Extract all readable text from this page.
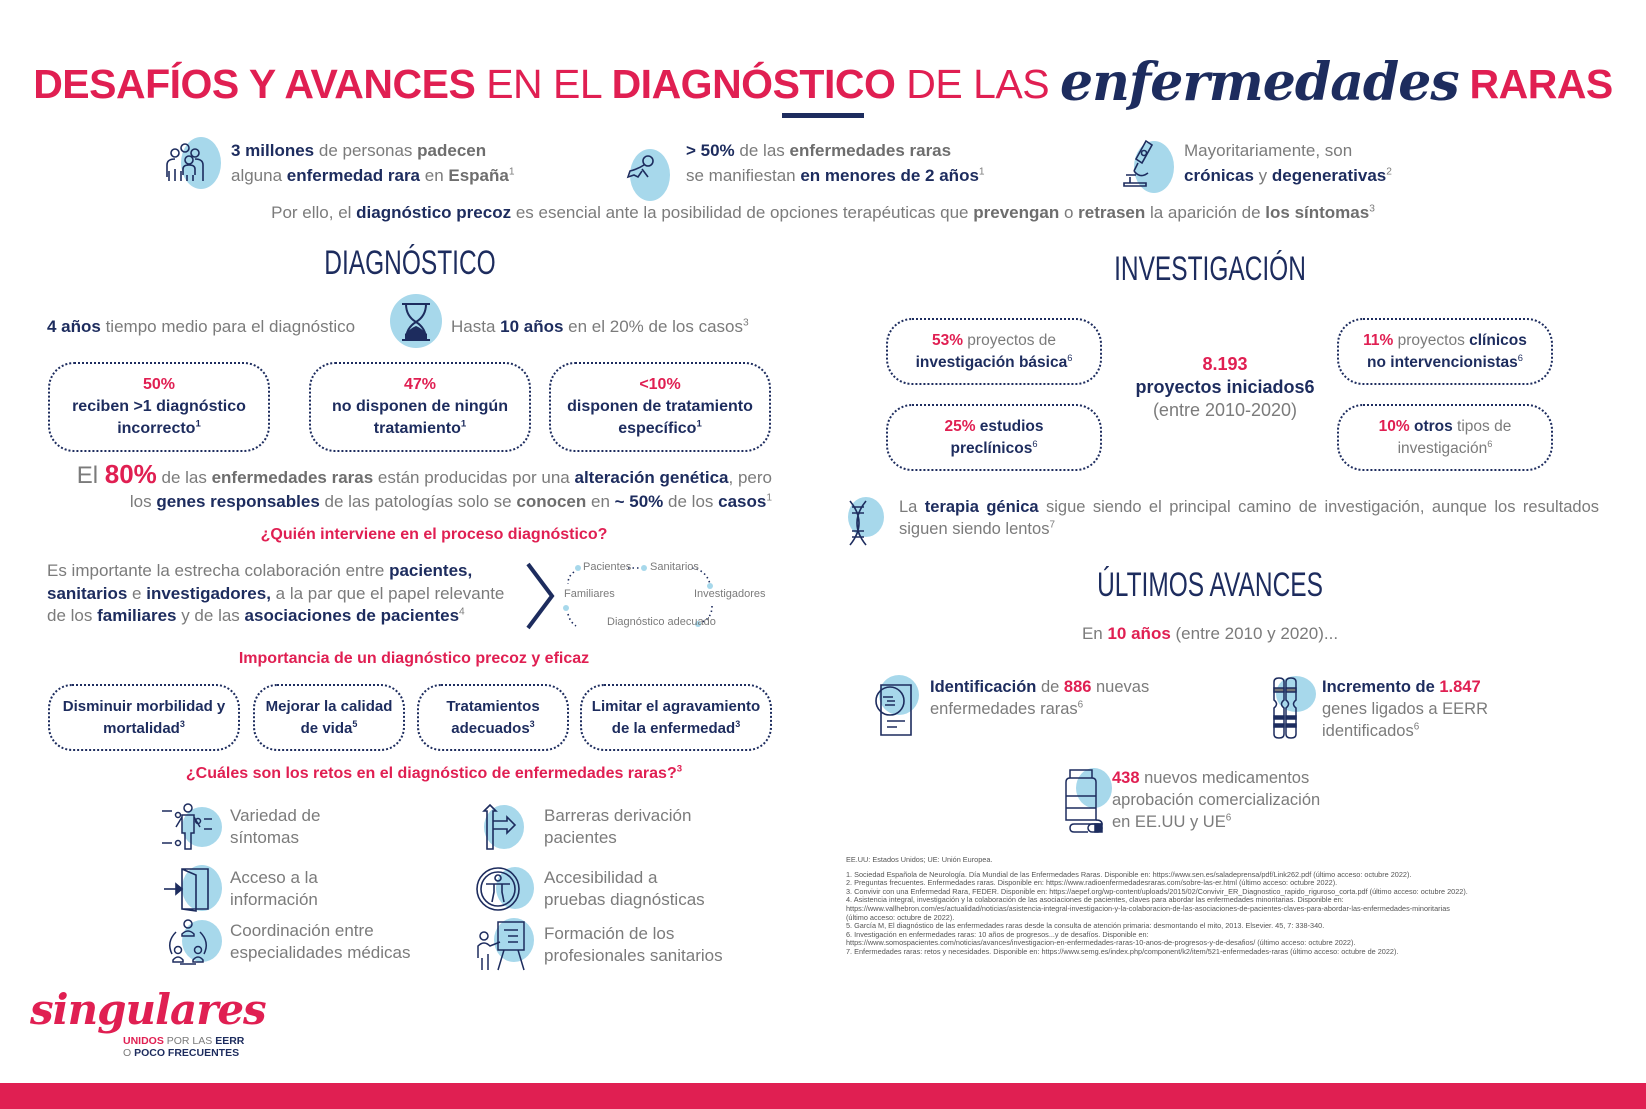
DESAFÍOS Y AVANCES EN EL DIAGNÓSTICO DE LAS enfermedades RARAS
3 millones de personas padecen
alguna enfermedad rara en España$^1$
> 50% de las enfermedades raras
se manifiestan en menores de 2 años$^1$
Mayoritariamente, son
crónicas y degenerativas$^2$
Por ello, el diagnóstico precoz es esencial ante la posibilidad de opciones terapéuticas que prevengan o retrasen la aparición de los síntomas$^3$
DIAGNÓSTICO
4 años tiempo medio para el diagnóstico	Hasta 10 años en el 20% de los casos$^3$
50%
reciben >1 diagnóstico incorrecto$^1$
47%
no disponen de ningún tratamiento$^1$
<10%
disponen de tratamiento específico$^1$
El 80% de las enfermedades raras están producidas por una alteración genética, pero
los genes responsables de las patologías solo se conocen en ~ 50% de los casos$^1$
¿Quién interviene en el proceso diagnóstico?
Es importante la estrecha colaboración entre pacientes,
sanitarios e investigadores, a la par que el papel relevante
de los familiares y de las asociaciones de pacientes$^4$
Pacientes Sanitarios
Investigadores
Diagnóstico adecuado
Familiares
Importancia de un diagnóstico precoz y eficaz
Disminuir morbilidad y mortalidad$^3$
Mejorar la calidad de vida$^5$
Tratamientos adecuados$^3$
Limitar el agravamiento de la enfermedad$^3$
¿Cuáles son los retos en el diagnóstico de enfermedades raras?$^3$
Variedad de
síntomas
Acceso a la
información
Coordinación entre
especialidades médicas
Barreras derivación
pacientes
Accesibilidad a
pruebas diagnósticas
Formación de los
profesionales sanitarios
singulares
UNIDOS POR LAS EERR
O POCO FRECUENTES
INVESTIGACIÓN
53% proyectos de
investigación básica$^6$
25% estudios
preclínicos$^6$
8.193
proyectos iniciados6
(entre 2010-2020)
11% proyectos clínicos
no intervencionistas$^6$
10% otros tipos de
investigación$^6$
La terapia génica sigue siendo el principal camino de investigación, aunque los resultados siguen siendo lentos$^7$
ÚLTIMOS AVANCES
En 10 años (entre 2010 y 2020)...
Identificación de 886 nuevas
enfermedades raras$^6$
Incremento de 1.847
genes ligados a EERR
identificados$^6$
438 nuevos medicamentos
aprobación comercialización
en EE.UU y $UE^6$

EE.UU: Estados Unidos; UE: Unión Europea.

1. Sociedad Española de Neurología. Día Mundial de las Enfermedades Raras. Disponible en: https://www.sen.es/saladeprensa/pdf/Link262.pdf (último acceso: octubre 2022).

2. Preguntas frecuentes. Enfermedades raras. Disponible en: https://www.radioenfermedadesraras.com/sobre-las-er.html (último acceso: octubre 2022).

3. Convivir con una Enfermedad Rara, FEDER. Disponible en: https://aepef.org/wp-content/uploads/2015/02/Convivir_ER_Diagnostico_rapido_riguroso_corta.pdf (último acceso: octubre 2022).

4. Asistencia integral, investigación y la colaboración de las asociaciones de pacientes, claves para abordar las enfermedades minoritarias. Disponible en:

https://www.vallhebron.com/es/actualidad/noticias/asistencia-integral-investigacion-y-la-colaboracion-de-las-asociaciones-de-pacientes-claves-para-abordar-las-enfermedades-minoritarias

(último acceso: octubre de 2022).

5. García M, El diagnóstico de las enfermedades raras desde la consulta de atención primaria: desmontando el mito, 2013. Elsevier. 45, 7: 338-340.

6. Investigación en enfermedades raras: 10 años de progresos...y de desafíos. Disponible en:

https://www.somospacientes.com/noticias/avances/investigacion-en-enfermedades-raras-10-anos-de-progresos-y-de-desafios/ (último acceso: octubre 2022).

7. Enfermedades raras: retos y necesidades. Disponible en: https://www.semg.es/index.php/component/k2/item/521-enfermedades-raras (último acceso: octubre de 2022).
